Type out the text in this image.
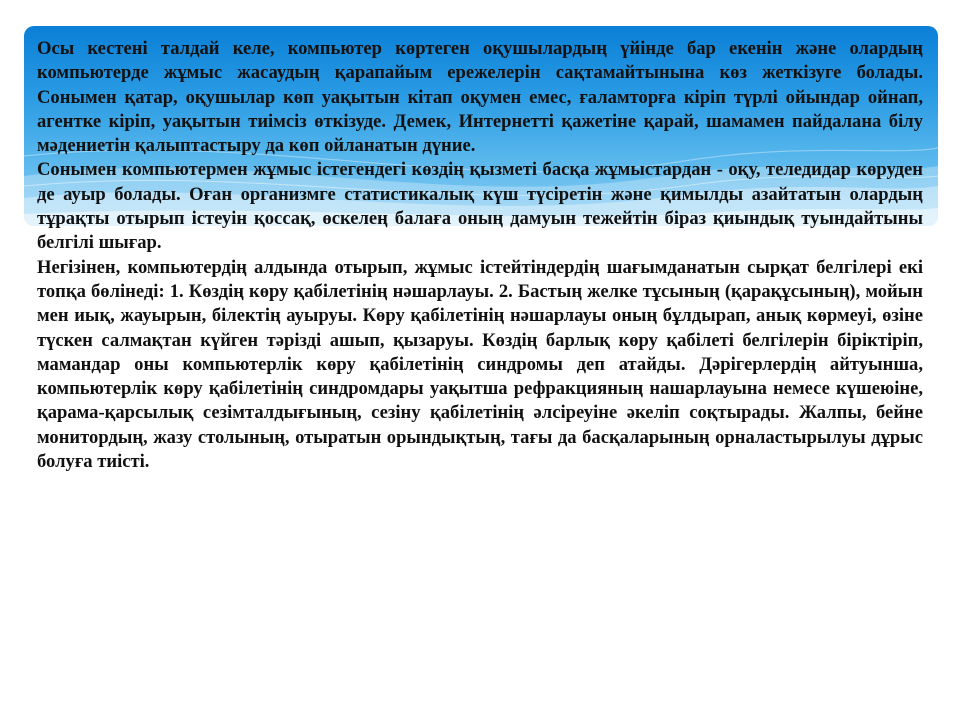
Осы кестені талдай келе, компьютер көртеген оқушылардың үйінде бар екенін және олардың компьютерде жұмыс жасаудың қарапайым ережелерін сақтамайтынына көз жеткізуге болады. Сонымен қатар, оқушылар көп уақытын кітап оқумен емес, ғаламторға кіріп түрлі ойындар ойнап, агентке кіріп, уақытын тиімсіз өткізуде. Демек, Интернетті қажетіне қарай, шамамен пайдалана білу мәдениетін қалыптастыру да көп ойланатын дүние.

Сонымен компьютермен жұмыс істегендегі көздің қызметі басқа жұмыстардан - оқу, теледидар көруден де ауыр болады. Оған организмге статистикалық күш түсіретін және қимылды азайтатын олардың тұрақты отырып істеуін қоссақ, өскелең балаға оның дамуын тежейтін біраз қиындық туындайтыны белгілі шығар.

Негізінен, компьютердің алдында отырып, жұмыс істейтіндердің шағымданатын сырқат белгілері екі топқа бөлінеді: 1. Көздің көру қабілетінің нәшарлауы. 2. Бастың желке тұсының (қарақұсының), мойын мен иық, жауырын, білектің ауыруы. Көру қабілетінің нәшарлауы оның бұлдырап, анық көрмеуі, өзіне түскен салмақтан күйген тәрізді ашып, қызаруы. Көздің барлық көру қабілеті белгілерін біріктіріп, мамандар оны компьютерлік көру қабілетінің синдромы деп атайды. Дәрігерлердің айтуынша, компьютерлік көру қабілетінің синдромдары уақытша рефракцияның нашарлауына немесе күшеюіне, қарама-қарсылық сезімталдығының, сезіну қабілетінің әлсіреуіне әкеліп соқтырады. Жалпы, бейне монитордың, жазу столының, отыратын орындықтың, тағы да басқаларының орналастырылуы дұрыс болуға тиісті.
